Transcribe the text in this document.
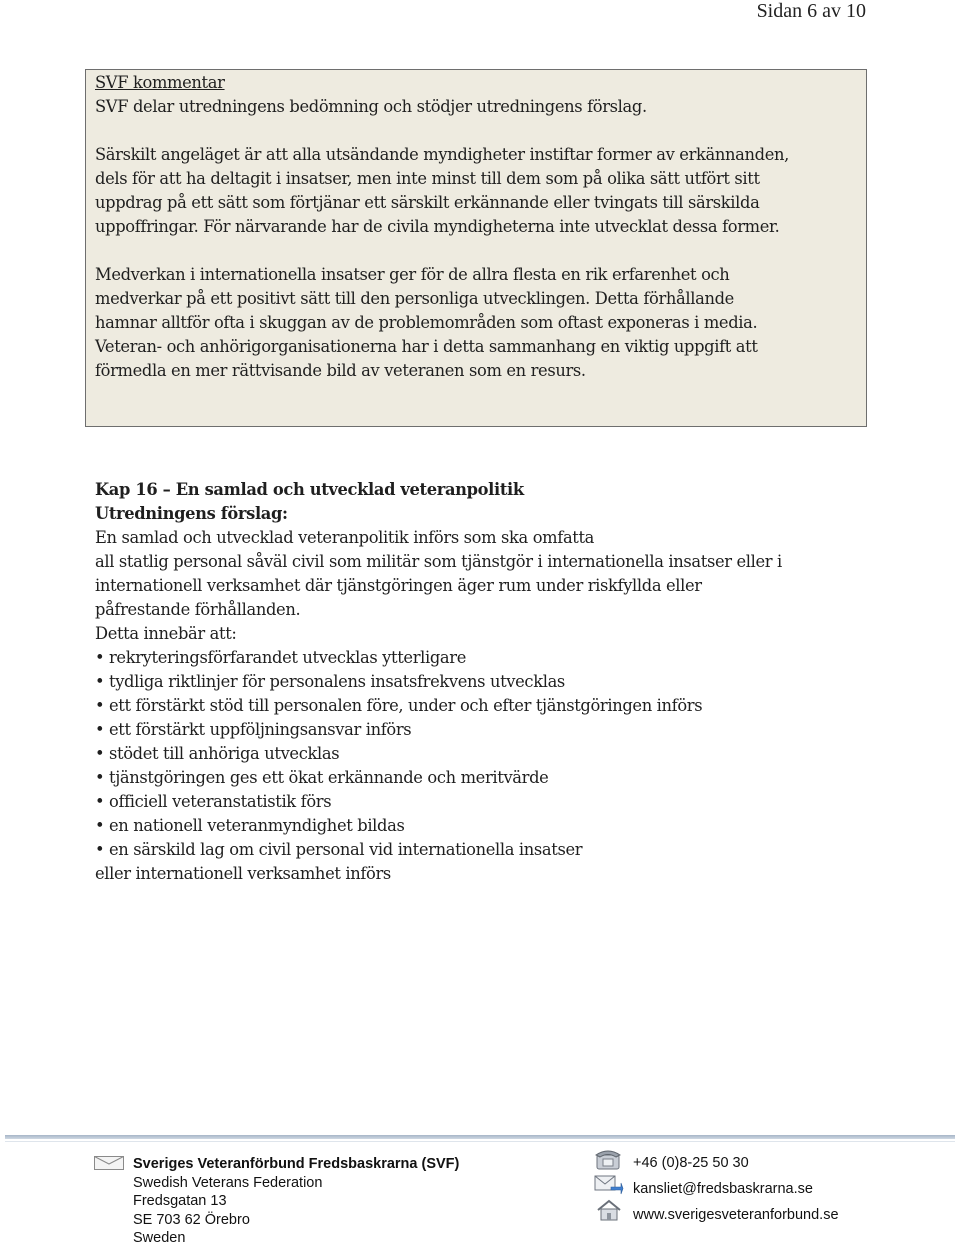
Sidan 6 av 10
SVF kommentar
SVF delar utredningens bedömning och stödjer utredningens förslag.
Särskilt angeläget är att alla utsändande myndigheter instiftar former av erkännanden,
dels för att ha deltagit i insatser, men inte minst till dem som på olika sätt utfört sitt
uppdrag på ett sätt som förtjänar ett särskilt erkännande eller tvingats till särskilda
uppoffringar. För närvarande har de civila myndigheterna inte utvecklat dessa former.
Medverkan i internationella insatser ger för de allra flesta en rik erfarenhet och
medverkar på ett positivt sätt till den personliga utvecklingen. Detta förhållande
hamnar alltför ofta i skuggan av de problemområden som oftast exponeras i media.
Veteran- och anhörigorganisationerna har i detta sammanhang en viktig uppgift att
förmedla en mer rättvisande bild av veteranen som en resurs.
Kap 16 – En samlad och utvecklad veteranpolitik
Utredningens förslag:
En samlad och utvecklad veteranpolitik införs som ska omfatta
all statlig personal såväl civil som militär som tjänstgör i internationella insatser eller i
internationell verksamhet där tjänstgöringen äger rum under riskfyllda eller
påfrestande förhållanden.
Detta innebär att:
• rekryteringsförfarandet utvecklas ytterligare
• tydliga riktlinjer för personalens insatsfrekvens utvecklas
• ett förstärkt stöd till personalen före, under och efter tjänstgöringen införs
• ett förstärkt uppföljningsansvar införs
• stödet till anhöriga utvecklas
• tjänstgöringen ges ett ökat erkännande och meritvärde
• officiell veteranstatistik förs
• en nationell veteranmyndighet bildas
• en särskild lag om civil personal vid internationella insatser
eller internationell verksamhet införs
Sveriges Veteranförbund Fredsbaskrarna (SVF)
Swedish Veterans Federation
Fredsgatan 13
SE 703 62 Örebro
Sweden
+46 (0)8-25 50 30
kansliet@fredsbaskrarna.se
www.sverigesveteranforbund.se
